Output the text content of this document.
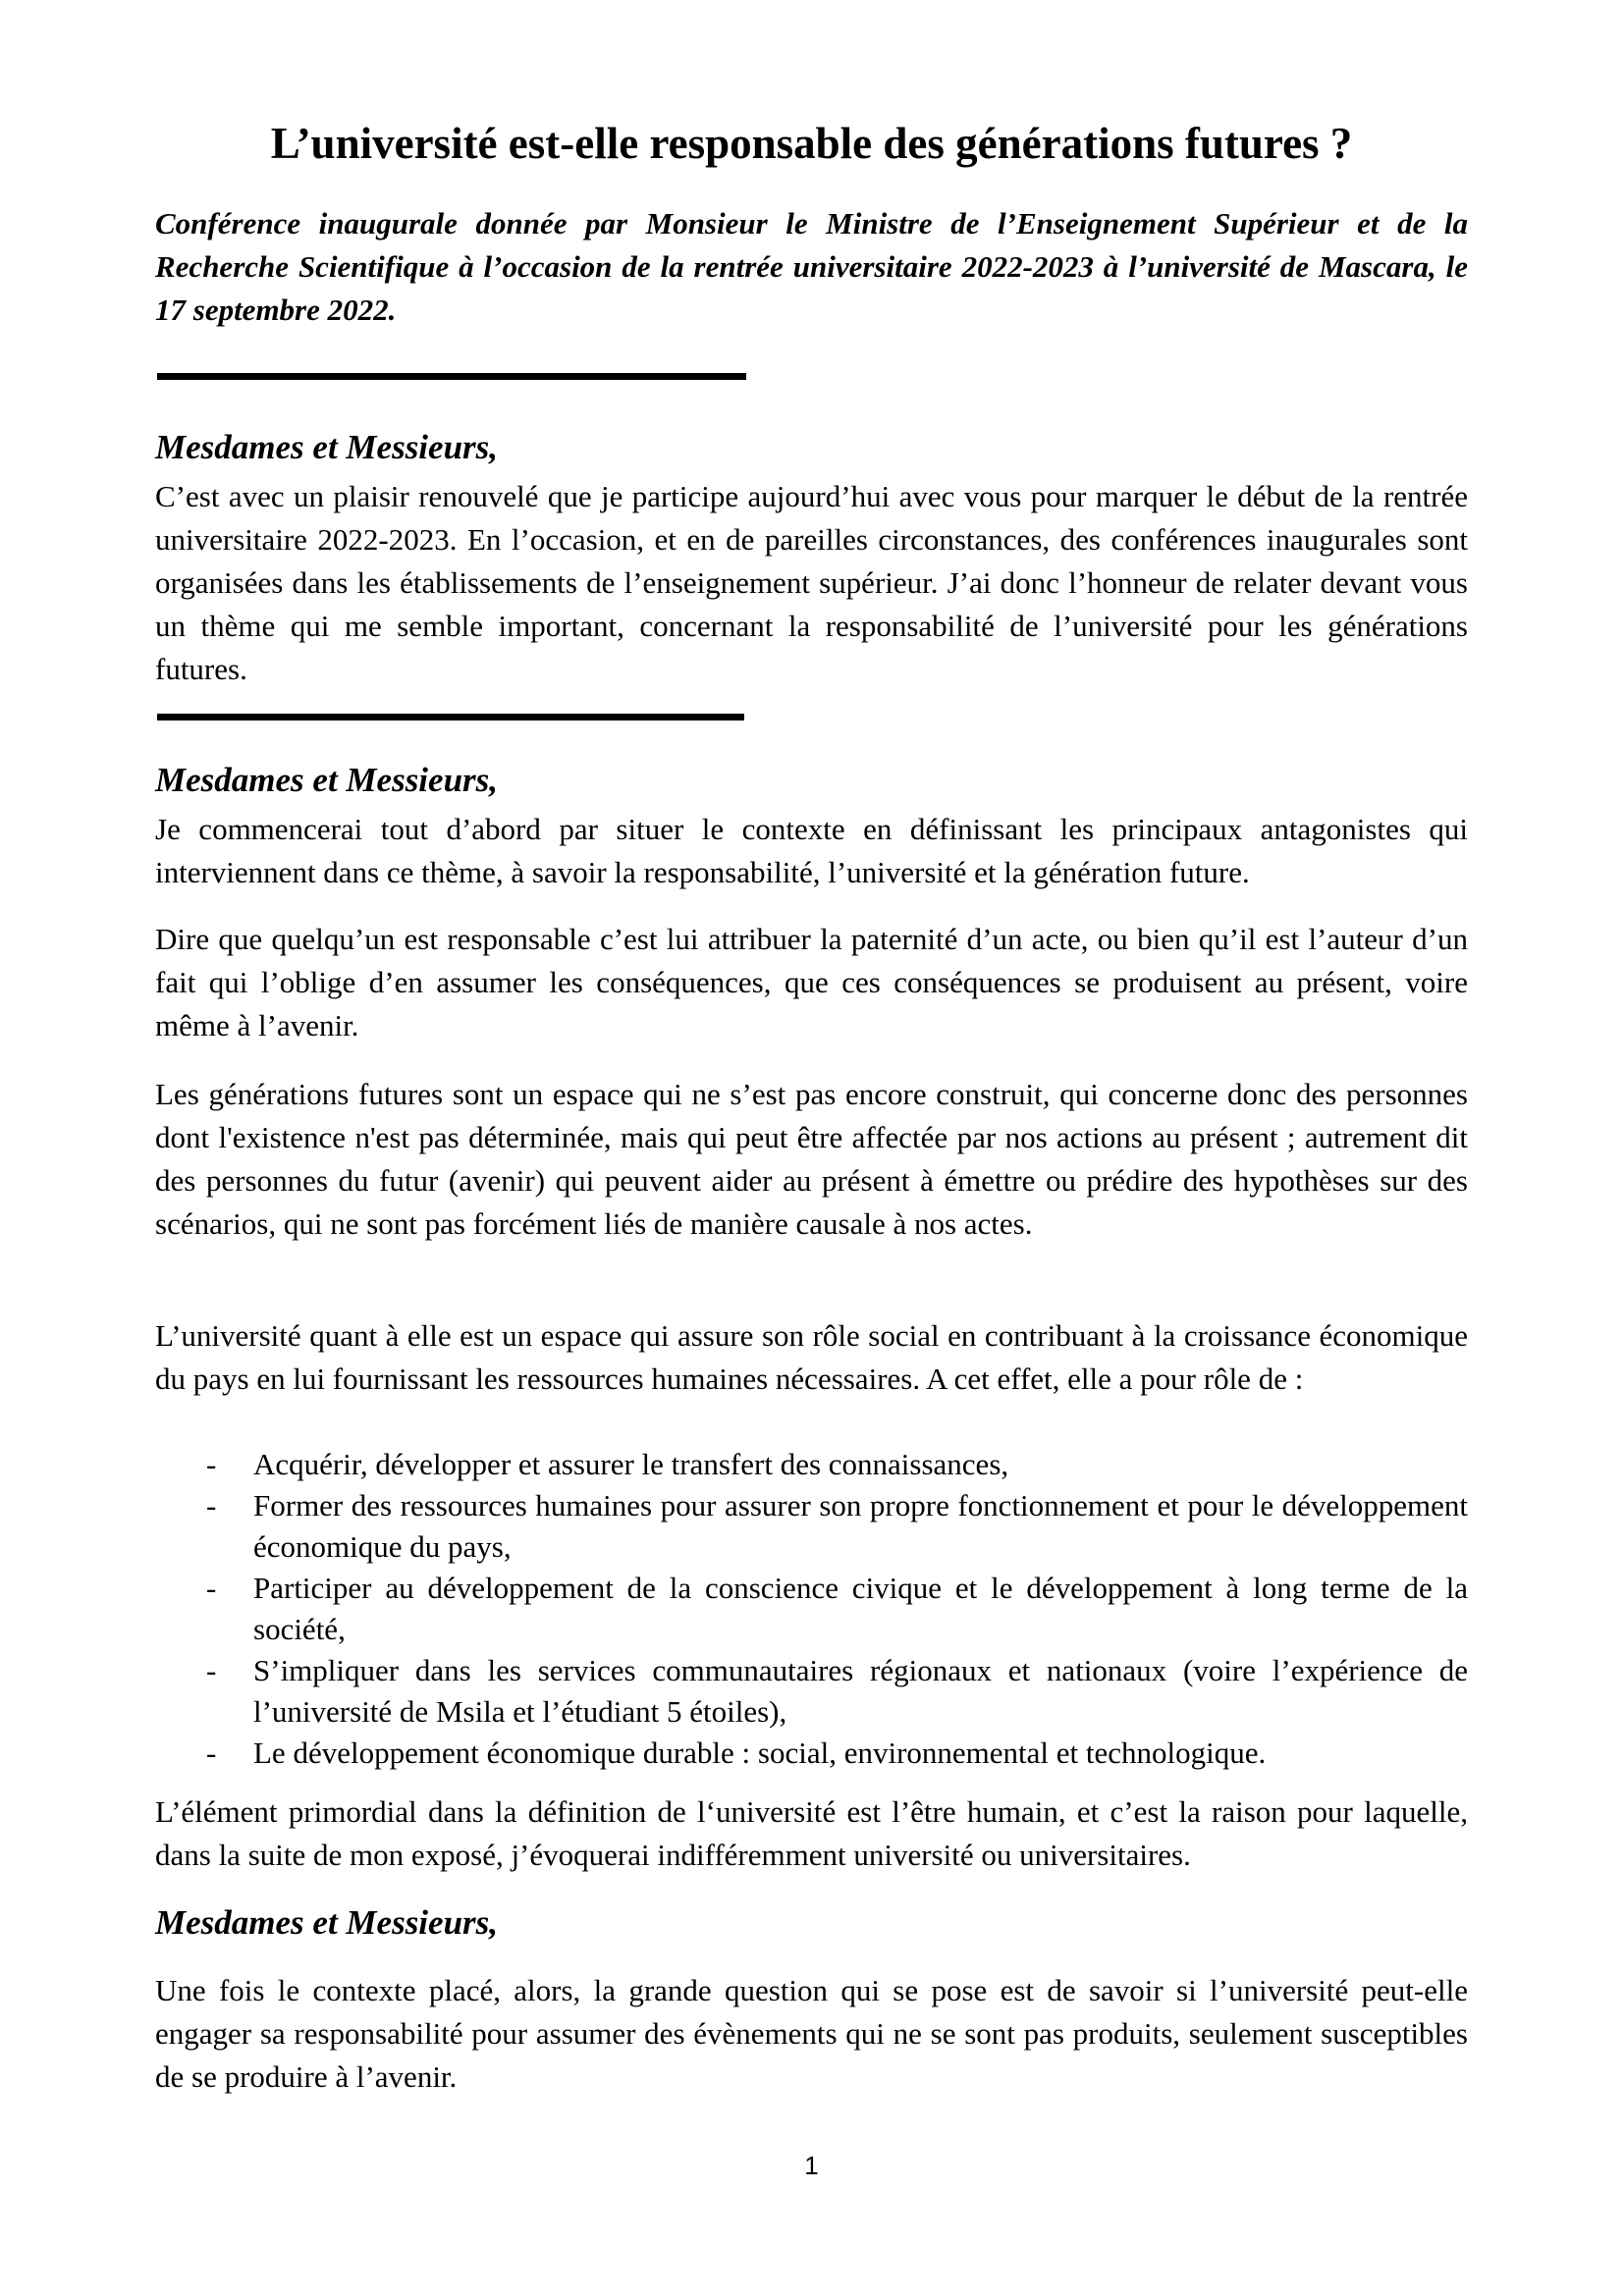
L’université est-elle responsable des générations futures ?

Conférence inaugurale donnée par Monsieur le Ministre de l’Enseignement Supérieur et de la Recherche Scientifique à l’occasion de la rentrée universitaire 2022-2023 à l’université de Mascara, le 17 septembre 2022.

Mesdames et Messieurs,

C’est avec un plaisir renouvelé que je participe aujourd’hui avec vous pour marquer le début de la rentrée universitaire 2022-2023. En l’occasion, et en de pareilles circonstances, des conférences inaugurales sont organisées dans les établissements de l’enseignement supérieur. J’ai donc l’honneur de relater devant vous un thème qui me semble important, concernant la responsabilité de l’université pour les générations futures.

Mesdames et Messieurs,

Je commencerai tout d’abord par situer le contexte en définissant les principaux antagonistes qui interviennent dans ce thème, à savoir la responsabilité, l’université et la génération future.

Dire que quelqu’un est responsable c’est lui attribuer la paternité d’un acte, ou bien qu’il est l’auteur d’un fait qui l’oblige d’en assumer les conséquences, que ces conséquences se produisent au présent, voire même à l’avenir.

Les générations futures sont un espace qui ne s’est pas encore construit, qui concerne donc des personnes dont l'existence n'est pas déterminée, mais qui peut être affectée par nos actions au présent ; autrement dit des personnes du futur (avenir) qui peuvent aider au présent à émettre ou prédire des hypothèses sur des scénarios, qui ne sont pas forcément liés de manière causale à nos actes.

L’université quant à elle est un espace qui assure son rôle social en contribuant à la croissance économique du pays en lui fournissant les ressources humaines nécessaires. A cet effet, elle a pour rôle de :

- Acquérir, développer et assurer le transfert des connaissances,
- Former des ressources humaines pour assurer son propre fonctionnement et pour le développement économique du pays,
- Participer au développement de la conscience civique et le développement à long terme de la société,
- S’impliquer dans les services communautaires régionaux et nationaux (voire l’expérience de l’université de Msila et l’étudiant 5 étoiles),
- Le développement économique durable : social, environnemental et technologique.

L’élément primordial dans la définition de l‘université est l’être humain, et c’est la raison pour laquelle, dans la suite de mon exposé, j’évoquerai indifféremment université ou universitaires.

Mesdames et Messieurs,

Une fois le contexte placé, alors, la grande question qui se pose est de savoir si l’université peut-elle engager sa responsabilité pour assumer des évènements qui ne se sont pas produits, seulement susceptibles de se produire à l’avenir.

1
